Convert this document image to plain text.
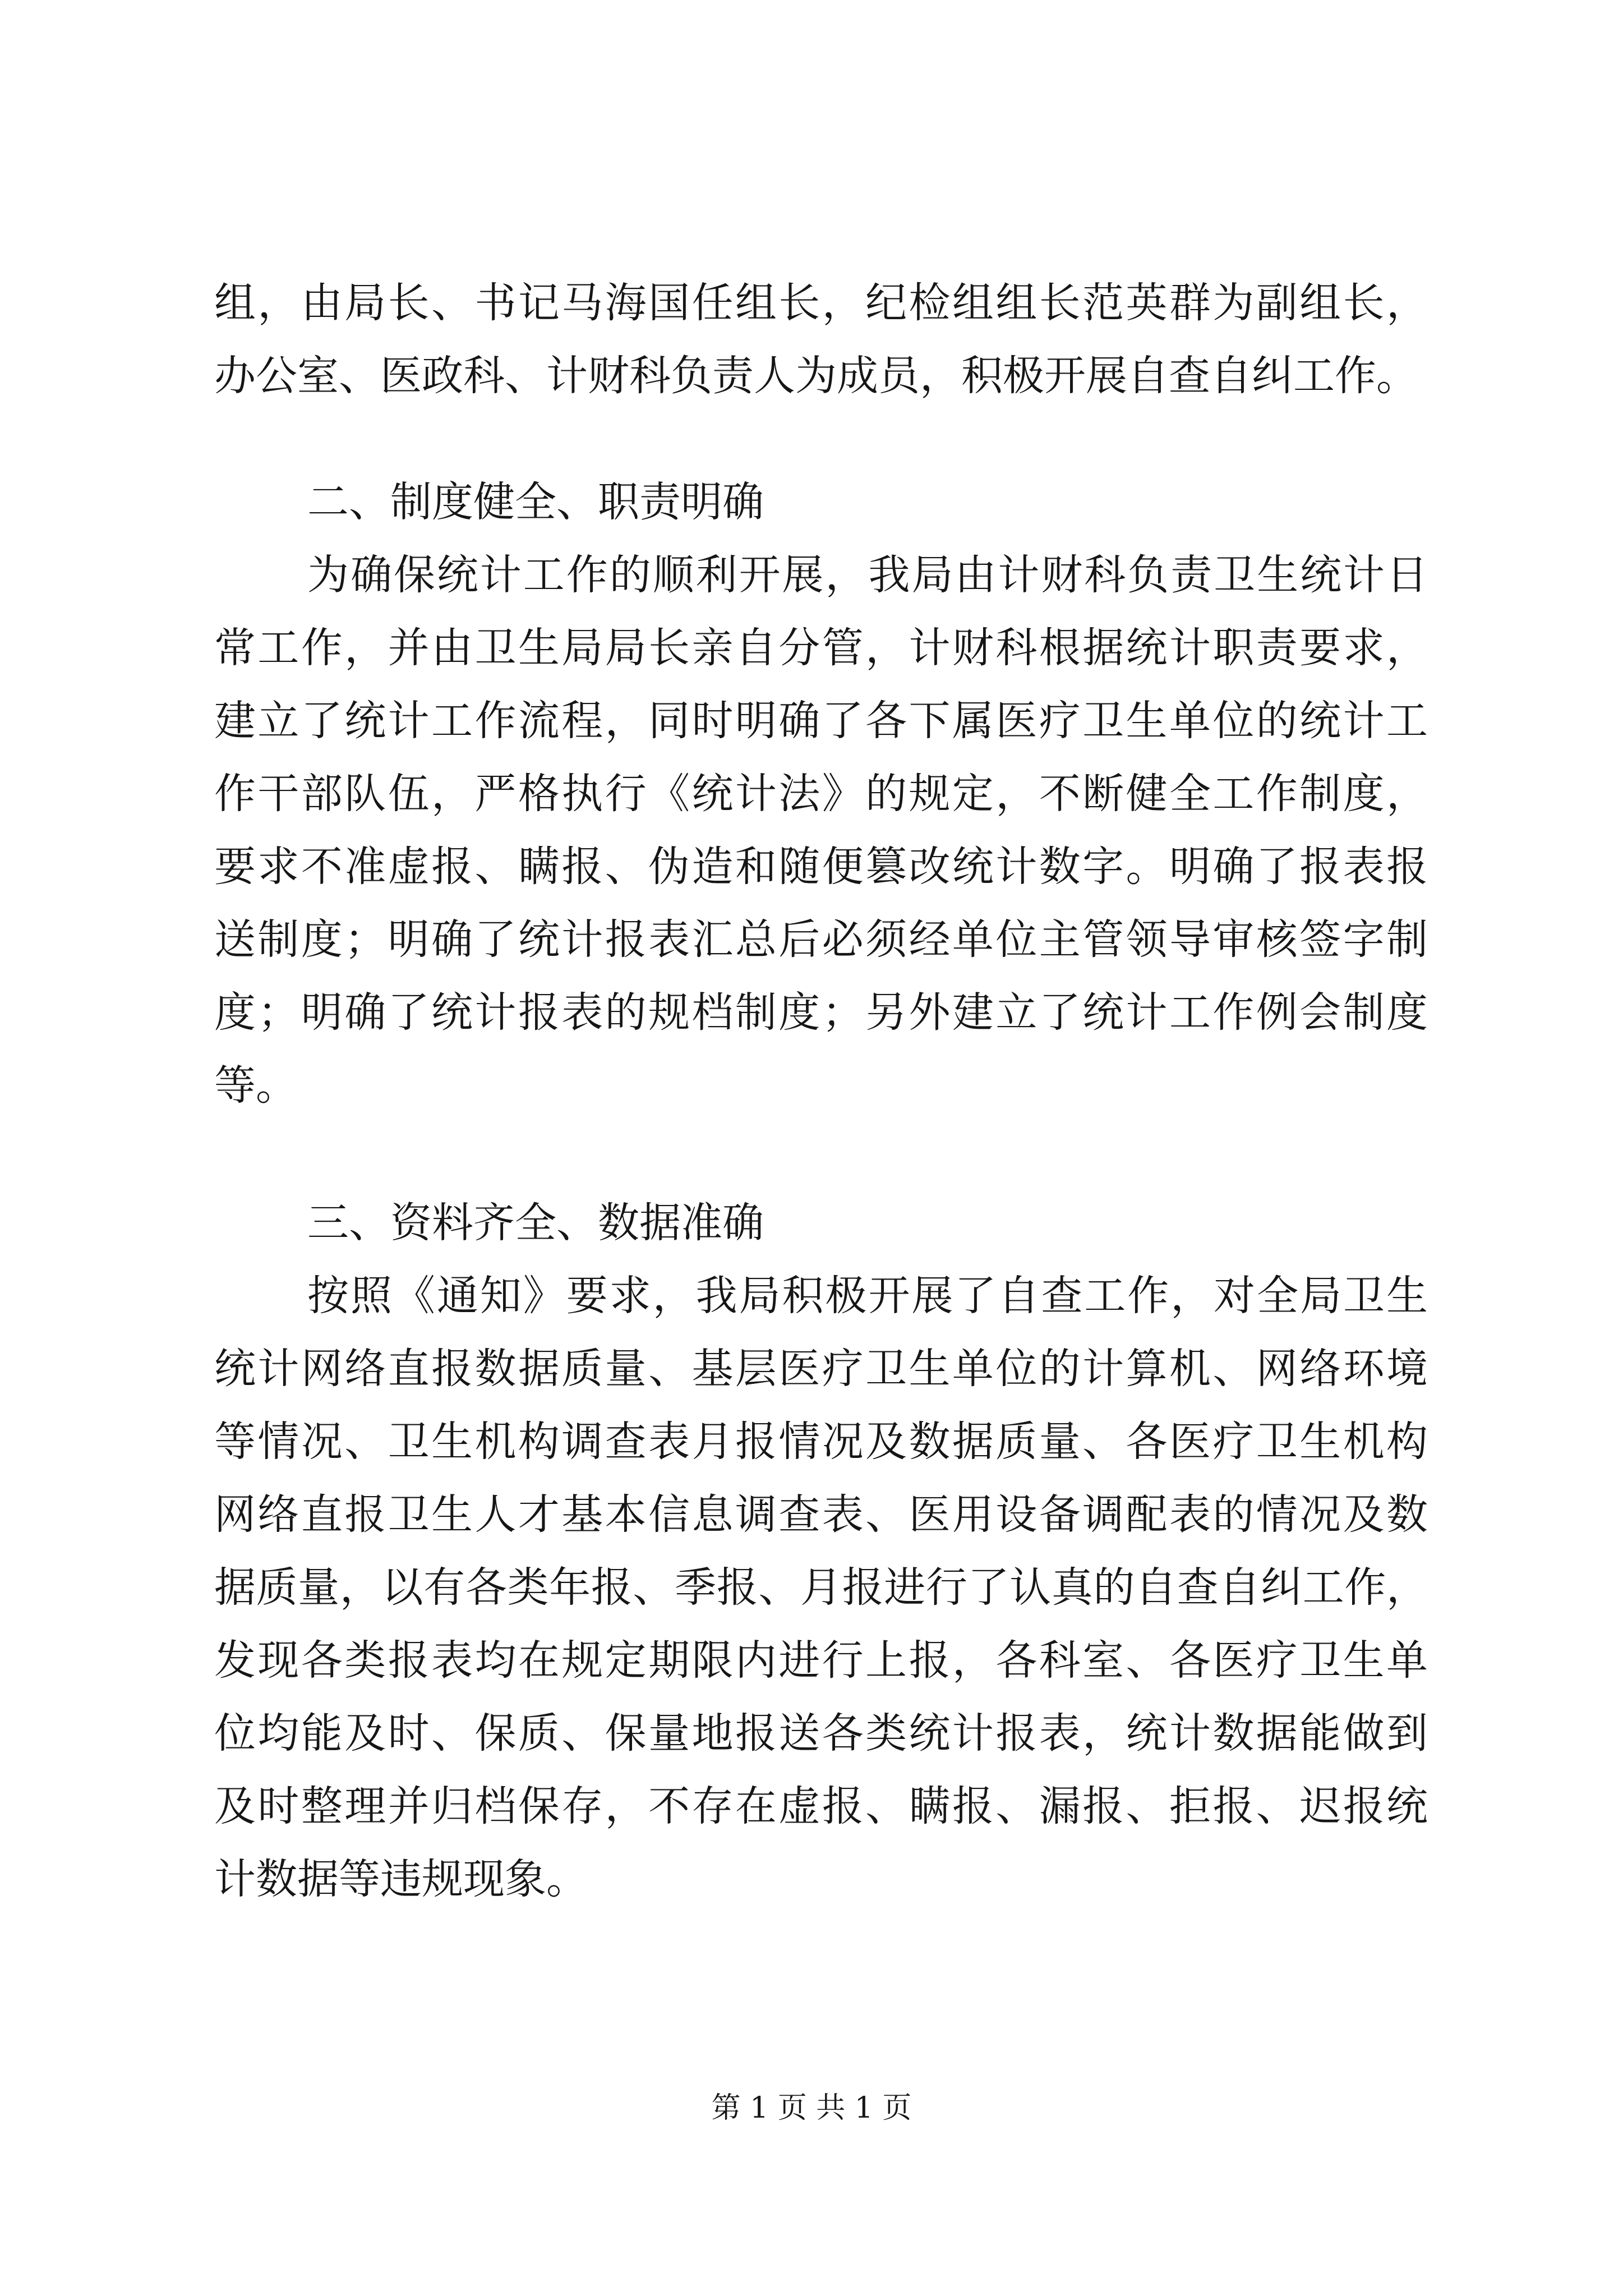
组，由局长、书记马海国任组长，纪检组组长范英群为副组长，
办公室、医政科、计财科负责人为成员，积极开展自查自纠工作。
二、制度健全、职责明确
为确保统计工作的顺利开展，我局由计财科负责卫生统计日
常工作，并由卫生局局长亲自分管，计财科根据统计职责要求，
建立了统计工作流程，同时明确了各下属医疗卫生单位的统计工
作干部队伍，严格执行《统计法》的规定，不断健全工作制度，
要求不准虚报、瞒报、伪造和随便篡改统计数字。明确了报表报
送制度；明确了统计报表汇总后必须经单位主管领导审核签字制
度；明确了统计报表的规档制度；另外建立了统计工作例会制度
等。
三、资料齐全、数据准确
按照《通知》要求，我局积极开展了自查工作，对全局卫生
统计网络直报数据质量、基层医疗卫生单位的计算机、网络环境
等情况、卫生机构调查表月报情况及数据质量、各医疗卫生机构
网络直报卫生人才基本信息调查表、医用设备调配表的情况及数
据质量，以有各类年报、季报、月报进行了认真的自查自纠工作，
发现各类报表均在规定期限内进行上报，各科室、各医疗卫生单
位均能及时、保质、保量地报送各类统计报表，统计数据能做到
及时整理并归档保存，不存在虚报、瞒报、漏报、拒报、迟报统
计数据等违规现象。
第 1 页 共 1 页
